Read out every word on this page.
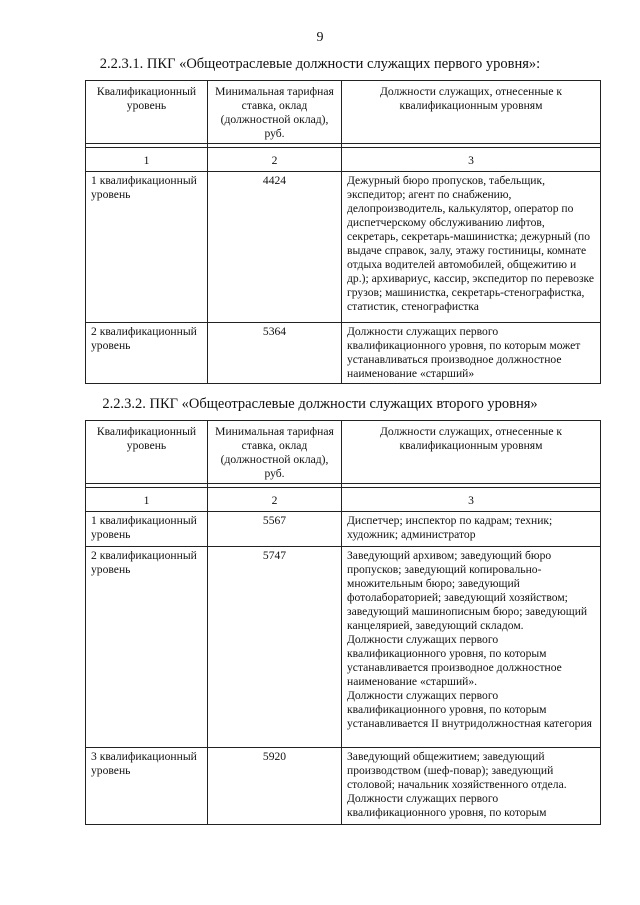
9
2.2.3.1. ПКГ «Общеотраслевые должности служащих первого уровня»:
Квалификационный уровень	Минимальная тарифная ставка, оклад (должностной оклад), руб.	Должности служащих, отнесенные к квалификационным уровням

1	2	3
1 квалификационный уровень	4424	Дежурный бюро пропусков, табельщик, экспедитор; агент по снабжению, делопроизводитель, калькулятор, оператор по диспетчерскому обслуживанию лифтов, секретарь, секретарь-машинистка; дежурный (по выдаче справок, залу, этажу гостиницы, комнате отдыха водителей автомобилей, общежитию и др.); архивариус, кассир, экспедитор по перевозке грузов; машинистка, секретарь-стенографистка, статистик, стенографистка
2 квалификационный уровень	5364	Должности служащих первого квалификационного уровня, по которым может устанавливаться производное должностное наименование «старший»
2.2.3.2. ПКГ «Общеотраслевые должности служащих второго уровня»
Квалификационный уровень	Минимальная тарифная ставка, оклад (должностной оклад), руб.	Должности служащих, отнесенные к квалификационным уровням

1	2	3
1 квалификационный уровень	5567	Диспетчер; инспектор по кадрам; техник; художник; администратор
2 квалификационный уровень	5747	Заведующий архивом; заведующий бюро пропусков; заведующий копировально-множительным бюро; заведующий фотолабораторией; заведующий хозяйством; заведующий машинописным бюро; заведующий канцелярией, заведующий складом.
Должности служащих первого квалификационного уровня, по которым устанавливается производное должностное наименование «старший».
Должности служащих первого квалификационного уровня, по которым устанавливается II внутридолжностная категория

3 квалификационный уровень	5920	Заведующий общежитием; заведующий производством (шеф-повар); заведующий столовой; начальник хозяйственного отдела.
Должности служащих первого квалификационного уровня, по которым
